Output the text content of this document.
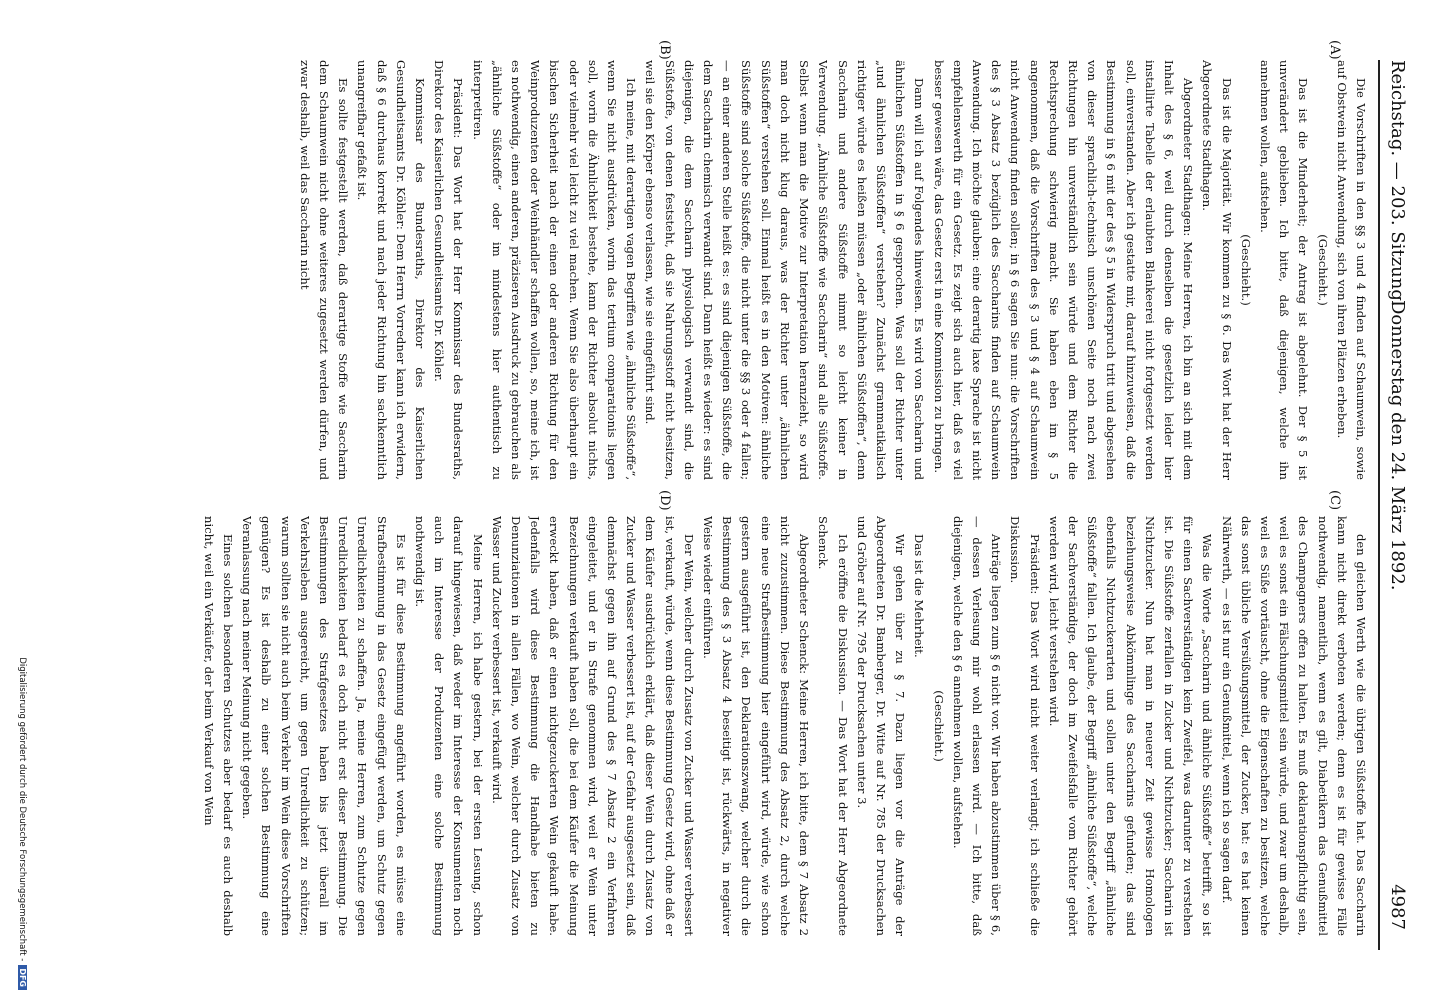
Reichstag. — 203. Sitzung.
Donnerstag den 24. März 1892.
4987
(A)
(B)
(C)
(D)

Die Vorschriften in den §§ 3 und 4 finden auf Schaumwein, sowie auf Obstwein nicht Anwendung, sich von ihren Plätzen erheben.

(Geschieht.)

Das ist die Minderheit; der Antrag ist abgelehnt. Der § 5 ist unverändert geblieben. Ich bitte, daß diejenigen, welche ihn annehmen wollen, aufstehen.

(Geschieht.)

Das ist die Majorität. Wir kommen zu § 6. Das Wort hat der Herr Abgeordnete Stadthagen.

Abgeordneter Stadthagen: Meine Herren, ich bin an sich mit dem Inhalt des § 6, weil durch denselben die gesetzlich leider hier installirte Tabelle der erlaubten Blankeerei nicht fortgesetzt werden soll, einverstanden. Aber ich gestatte mir, darauf hinzuweisen, daß die Bestimmung in § 6 mit der des § 5 in Widerspruch tritt und abgesehen von dieser sprachlich-technisch unschönen Seite noch nach zwei Richtungen hin unverständlich sein würde und dem Richter die Rechtsprechung schwierig macht. Sie haben eben im § 5 angenommen, daß die Vorschriften des § 3 und § 4 auf Schaumwein nicht Anwendung finden sollen; in § 6 sagen Sie nun: die Vorschriften des § 3 Absatz 3 bezüglich des Saccharins finden auf Schaumwein Anwendung. Ich möchte glauben: eine derartig laxe Sprache ist nicht empfehlenswerth für ein Gesetz. Es zeigt sich auch hier, daß es viel besser gewesen wäre, das Gesetz erst in eine Kommission zu bringen.

Dann will ich auf Folgendes hinweisen. Es wird von Saccharin und ähnlichen Süßstoffen in § 6 gesprochen. Was soll der Richter unter „und ähnlichen Süßstoffen“ verstehen? Zunächst grammatikalisch richtiger würde es heißen müssen „oder ähnlichen Süßstoffen“, denn Saccharin und andere Süßstoffe nimmt so leicht keiner in Verwendung. „Ähnliche Süßstoffe wie Saccharin“ sind alle Süßstoffe. Selbst wenn man die Motive zur Interpretation heranzieht, so wird man doch nicht klug daraus, was der Richter unter „ähnlichen Süßstoffen“ verstehen soll. Einmal heißt es in den Motiven: ähnliche Süßstoffe sind solche Süßstoffe, die nicht unter die §§ 3 oder 4 fallen; — an einer anderen Stelle heißt es: es sind diejenigen Süßstoffe, die dem Saccharin chemisch verwandt sind. Dann heißt es wieder: es sind diejenigen, die dem Saccharin physiologisch verwandt sind, die Süßstoffe, von denen feststeht, daß sie Nahrungsstoff nicht besitzen, weil sie den Körper ebenso verlassen, wie sie eingeführt sind.

Ich meine, mit derartigen vagen Begriffen wie „ähnliche Süßstoffe“, wenn Sie nicht ausdrücken, worin das tertium comparationis liegen soll, worin die Ähnlichkeit bestehe, kann der Richter absolut nichts, oder vielmehr viel leicht zu viel machen. Wenn Sie also überhaupt ein bischen Sicherheit nach der einen oder anderen Richtung für den Weinproduzenten oder Weinhändler schaffen wollen, so, meine ich, ist es nothwendig, einen anderen, präziseren Ausdruck zu gebrauchen als „ähnliche Süßstoffe“ oder im mindestens hier authentisch zu interpretiren.

Präsident: Das Wort hat der Herr Kommissar des Bundesraths, Direktor des Kaiserlichen Gesundheitsamts Dr. Köhler.

Kommissar des Bundesraths, Direktor des Kaiserlichen Gesundheitsamts Dr. Köhler: Dem Herrn Vorredner kann ich erwidern, daß § 6 durchaus korrekt und nach jeder Richtung hin sachkenntlich unangreifbar gefaßt ist.

Es sollte festgestellt werden, daß derartige Stoffe wie Saccharin dem Schaumwein nicht ohne weiteres zugesetzt werden dürfen, und zwar deshalb, weil das Saccharin nicht

den gleichen Werth wie die übrigen Süßstoffe hat. Das Saccharin kann nicht direkt verboten werden; denn es ist für gewisse Fälle nothwendig, namentlich, wenn es gilt, Diabetikern das Genußmittel des Champagners offen zu halten. Es muß deklarationspflichtig sein, weil es sonst ein Fälschungsmittel sein würde, und zwar um deshalb, weil es Süße vortäuscht, ohne die Eigenschaften zu besitzen, welche das sonst übliche Versüßungsmittel, der Zucker, hat: es hat keinen Nährwerth, — es ist nur ein Genußmittel, wenn ich so sagen darf.

Was die Worte „Saccharin und ähnliche Süßstoffe“ betrifft, so ist für einen Sachverständigen kein Zweifel, was darunter zu verstehen ist. Die Süßstoffe zerfallen in Zucker und Nichtzucker; Saccharin ist Nichtzucker. Nun hat man in neuerer Zeit gewisse Homologen beziehungsweise Abkömmlinge des Saccharins gefunden; das sind ebenfalls Nichtzuckerarten und sollen unter den Begriff „ähnliche Süßstoffe“ fallen. Ich glaube, der Begriff „ähnliche Süßstoffe“, welche der Sachverständige, der doch im Zweifelsfalle vom Richter gehört werden wird, leicht verstehen wird.

Präsident: Das Wort wird nicht weiter verlangt; ich schließe die Diskussion.

Anträge liegen zum § 6 nicht vor. Wir haben abzustimmen über § 6, — dessen Verlesung mir wohl erlassen wird. — Ich bitte, daß diejenigen, welche den § 6 annehmen wollen, aufstehen.

(Geschieht.)

Das ist die Mehrheit.

Wir gehen über zu § 7. Dazu liegen vor die Anträge der Abgeordneten Dr. Bamberger, Dr. Witte auf Nr. 785 der Drucksachen und Gröber auf Nr. 795 der Drucksachen unter 3.

Ich eröffne die Diskussion. — Das Wort hat der Herr Abgeordnete Schenck.

Abgeordneter Schenck: Meine Herren, ich bitte, dem § 7 Absatz 2 nicht zuzustimmen. Diese Bestimmung des Absatz 2, durch welche eine neue Strafbestimmung hier eingeführt wird, würde, wie schon gestern ausgeführt ist, den Deklarationszwang, welcher durch die Bestimmung des § 3 Absatz 4 beseitigt ist, rückwärts, in negativer Weise wieder einführen.

Der Wein, welcher durch Zusatz von Zucker und Wasser verbessert ist, verkauft, würde, wenn diese Bestimmung Gesetz wird, ohne daß er dem Käufer ausdrücklich erklärt, daß dieser Wein durch Zusatz von Zucker und Wasser verbessert ist, auf der Gefahr ausgesetzt sein, daß demnächst gegen ihn auf Grund des § 7 Absatz 2 ein Verfahren eingeleitet, und er in Strafe genommen wird, weil er Wein unter Bezeichnungen verkauft haben soll, die bei dem Käufer die Meinung erweckt haben, daß er einen nichtgezuckerten Wein gekauft habe. Jedenfalls wird diese Bestimmung die Handhabe bieten zu Denunziationen in allen Fällen, wo Wein, welcher durch Zusatz von Wasser und Zucker verbessert ist, verkauft wird.

Meine Herren, ich habe gestern, bei der ersten Lesung, schon darauf hingewiesen, daß weder im Interesse der Konsumenten noch auch im Interesse der Produzenten eine solche Bestimmung nothwendig ist.

Es ist für diese Bestimmung angeführt worden, es müsse eine Strafbestimmung in das Gesetz eingefügt werden, um Schutz gegen Unredlichkeiten zu schaffen. Ja, meine Herren, zum Schutze gegen Unredlichkeiten bedarf es doch nicht erst dieser Bestimmung. Die Bestimmungen des Strafgesetzes haben bis jetzt überall im Verkehrsleben ausgereicht, um gegen Unredlichkeit zu schützen; warum sollten sie nicht auch beim Verkehr im Wein diese Vorschriften genügen? Es ist deshalb zu einer solchen Bestimmung eine Veranlassung nach meiner Meinung nicht gegeben.

Eines solchen besonderen Schutzes aber bedarf es auch deshalb nicht, weil ein Verkäufer, der beim Verkauf von Wein

Digitalisierung gefördert durch die Deutsche Forschungsgemeinschaft -DFG
